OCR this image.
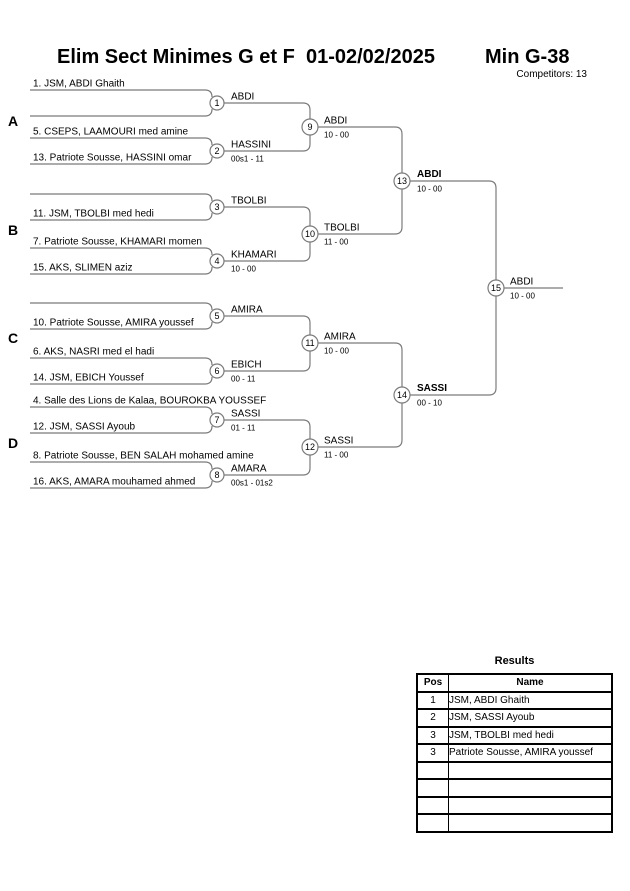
Elim Sect Minimes G et F  01-02/02/2025	Min G-38
Competitors: 13
A
B
C
D
1. JSM, ABDI Ghaith
5. CSEPS, LAAMOURI med amine
13. Patriote Sousse, HASSINI omar
11. JSM, TBOLBI med hedi
7. Patriote Sousse, KHAMARI momen
15. AKS, SLIMEN aziz
10. Patriote Sousse, AMIRA youssef
6. AKS, NASRI med el hadi
14. JSM, EBICH Youssef
4. Salle des Lions de Kalaa, BOUROKBA YOUSSEF
12. JSM, SASSI Ayoub
8. Patriote Sousse, BEN SALAH mohamed amine
16. AKS, AMARA mouhamed ahmed
1
2
3
4
5
6
7
8
9
10
11
12
13
14
15
ABDI
HASSINI
00s1 - 11
TBOLBI
KHAMARI
10 - 00
AMIRA
EBICH
00 - 11
SASSI
01 - 11
AMARA
00s1 - 01s2
ABDI
10 - 00
TBOLBI
11 - 00
AMIRA
10 - 00
SASSI
11 - 00
ABDI
10 - 00
SASSI
00 - 10
ABDI
10 - 00
Results
Pos	Name
1	JSM, ABDI Ghaith
2	JSM, SASSI Ayoub
3	JSM, TBOLBI med hedi
3	Patriote Sousse, AMIRA youssef
